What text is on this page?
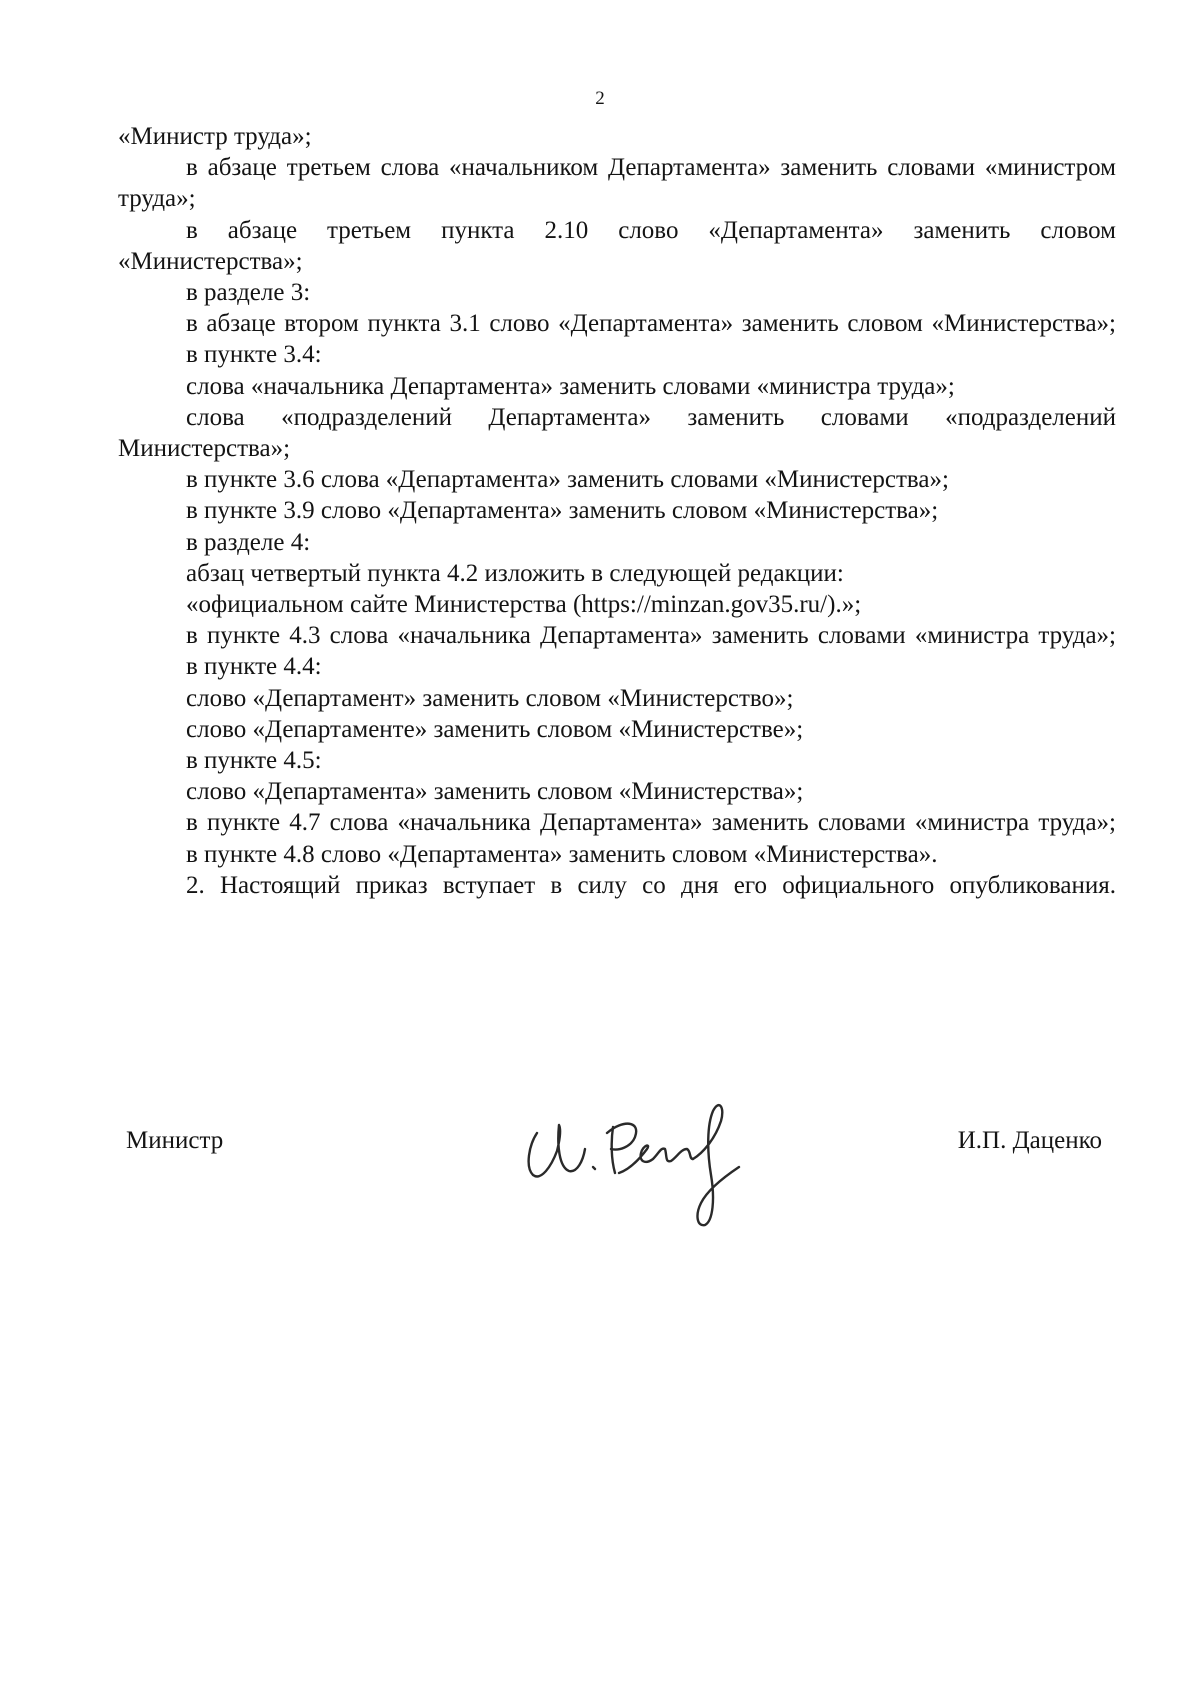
2

«Министр труда»;

в абзаце третьем слова «начальником Департамента» заменить словами «министром труда»;

в абзаце третьем пункта 2.10 слово «Департамента» заменить словом «Министерства»;

в разделе 3:

в абзаце втором пункта 3.1 слово «Департамента» заменить словом «Министерства»;

в пункте 3.4:

слова «начальника Департамента» заменить словами «министра труда»;

слова «подразделений Департамента» заменить словами «подразделений Министерства»;

в пункте 3.6 слова «Департамента» заменить словами «Министерства»;

в пункте 3.9 слово «Департамента» заменить словом «Министерства»;

в разделе 4:

абзац четвертый пункта 4.2 изложить в следующей редакции:

«официальном сайте Министерства (https://minzan.gov35.ru/).»;

в пункте 4.3 слова «начальника Департамента» заменить словами «министра труда»;

в пункте 4.4:

слово «Департамент» заменить словом «Министерство»;

слово «Департаменте» заменить словом «Министерстве»;

в пункте 4.5:

слово «Департамента» заменить словом «Министерства»;

в пункте 4.7 слова «начальника Департамента» заменить словами «министра труда»;

в пункте 4.8 слово «Департамента» заменить словом «Министерства».

2. Настоящий приказ вступает в силу со дня его официального опубликования.

Министр	И.П. Даценко
